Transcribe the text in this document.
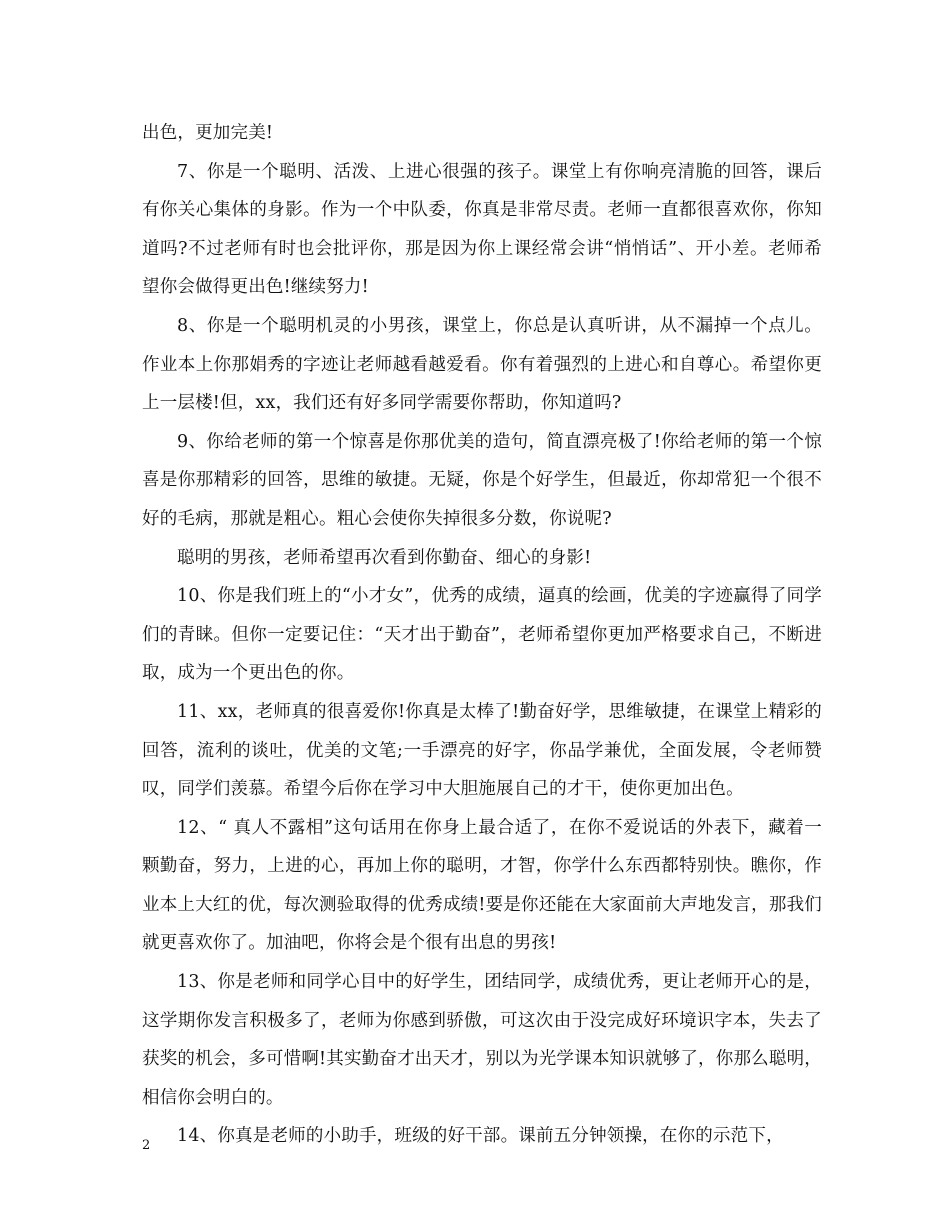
出色，更加完美!

7、你是一个聪明、活泼、上进心很强的孩子。课堂上有你响亮清脆的回答，课后有你关心集体的身影。作为一个中队委，你真是非常尽责。老师一直都很喜欢你，你知道吗?不过老师有时也会批评你，那是因为你上课经常会讲“悄悄话”、开小差。老师希望你会做得更出色!继续努力!

8、你是一个聪明机灵的小男孩，课堂上，你总是认真听讲，从不漏掉一个点儿。作业本上你那娟秀的字迹让老师越看越爱看。你有着强烈的上进心和自尊心。希望你更上一层楼!但，xx，我们还有好多同学需要你帮助，你知道吗?

9、你给老师的第一个惊喜是你那优美的造句，简直漂亮极了!你给老师的第一个惊喜是你那精彩的回答，思维的敏捷。无疑，你是个好学生，但最近，你却常犯一个很不好的毛病，那就是粗心。粗心会使你失掉很多分数，你说呢?

聪明的男孩，老师希望再次看到你勤奋、细心的身影!

10、你是我们班上的“小才女”，优秀的成绩，逼真的绘画，优美的字迹赢得了同学们的青睐。但你一定要记住：“天才出于勤奋”，老师希望你更加严格要求自己，不断进取，成为一个更出色的你。

11、xx，老师真的很喜爱你!你真是太棒了!勤奋好学，思维敏捷，在课堂上精彩的回答，流利的谈吐，优美的文笔;一手漂亮的好字，你品学兼优，全面发展，令老师赞叹，同学们羡慕。希望今后你在学习中大胆施展自己的才干，使你更加出色。

12、“ 真人不露相”这句话用在你身上最合适了，在你不爱说话的外表下，藏着一颗勤奋，努力，上进的心，再加上你的聪明，才智，你学什么东西都特别快。瞧你，作业本上大红的优，每次测验取得的优秀成绩!要是你还能在大家面前大声地发言，那我们就更喜欢你了。加油吧，你将会是个很有出息的男孩!

13、你是老师和同学心目中的好学生，团结同学，成绩优秀，更让老师开心的是，这学期你发言积极多了，老师为你感到骄傲，可这次由于没完成好环境识字本，失去了获奖的机会，多可惜啊!其实勤奋才出天才，别以为光学课本知识就够了，你那么聪明，相信你会明白的。

14、你真是老师的小助手，班级的好干部。课前五分钟领操，在你的示范下，

2
